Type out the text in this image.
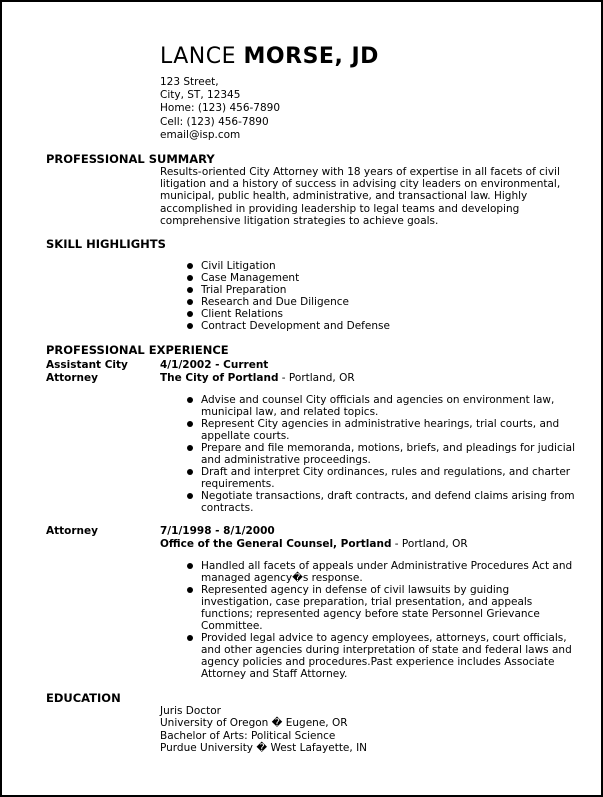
LANCE MORSE, JD
123 Street,
City, ST, 12345
Home: (123) 456-7890
Cell: (123) 456-7890
email@isp.com
PROFESSIONAL SUMMARY
Results-oriented City Attorney with 18 years of expertise in all facets of civil litigation and a history of success in advising city leaders on environmental, municipal, public health, administrative, and transactional law. Highly accomplished in providing leadership to legal teams and developing comprehensive litigation strategies to achieve goals.
SKILL HIGHLIGHTS
Civil Litigation
Case Management
Trial Preparation
Research and Due Diligence
Client Relations
Contract Development and Defense
PROFESSIONAL EXPERIENCE
Assistant City Attorney
4/1/2002 - Current
The City of Portland - Portland, OR
Advise and counsel City officials and agencies on environment law, municipal law, and related topics.
Represent City agencies in administrative hearings, trial courts, and appellate courts.
Prepare and file memoranda, motions, briefs, and pleadings for judicial and administrative proceedings.
Draft and interpret City ordinances, rules and regulations, and charter requirements.
Negotiate transactions, draft contracts, and defend claims arising from contracts.
Attorney	7/1/1998 - 8/1/2000
Office of the General Counsel, Portland - Portland, OR
Handled all facets of appeals under Administrative Procedures Act and managed agency�s response.
Represented agency in defense of civil lawsuits by guiding investigation, case preparation, trial presentation, and appeals functions; represented agency before state Personnel Grievance Committee.
Provided legal advice to agency employees, attorneys, court officials, and other agencies during interpretation of state and federal laws and agency policies and procedures.Past experience includes Associate Attorney and Staff Attorney.
EDUCATION
Juris Doctor
University of Oregon � Eugene, OR
Bachelor of Arts: Political Science
Purdue University � West Lafayette, IN
